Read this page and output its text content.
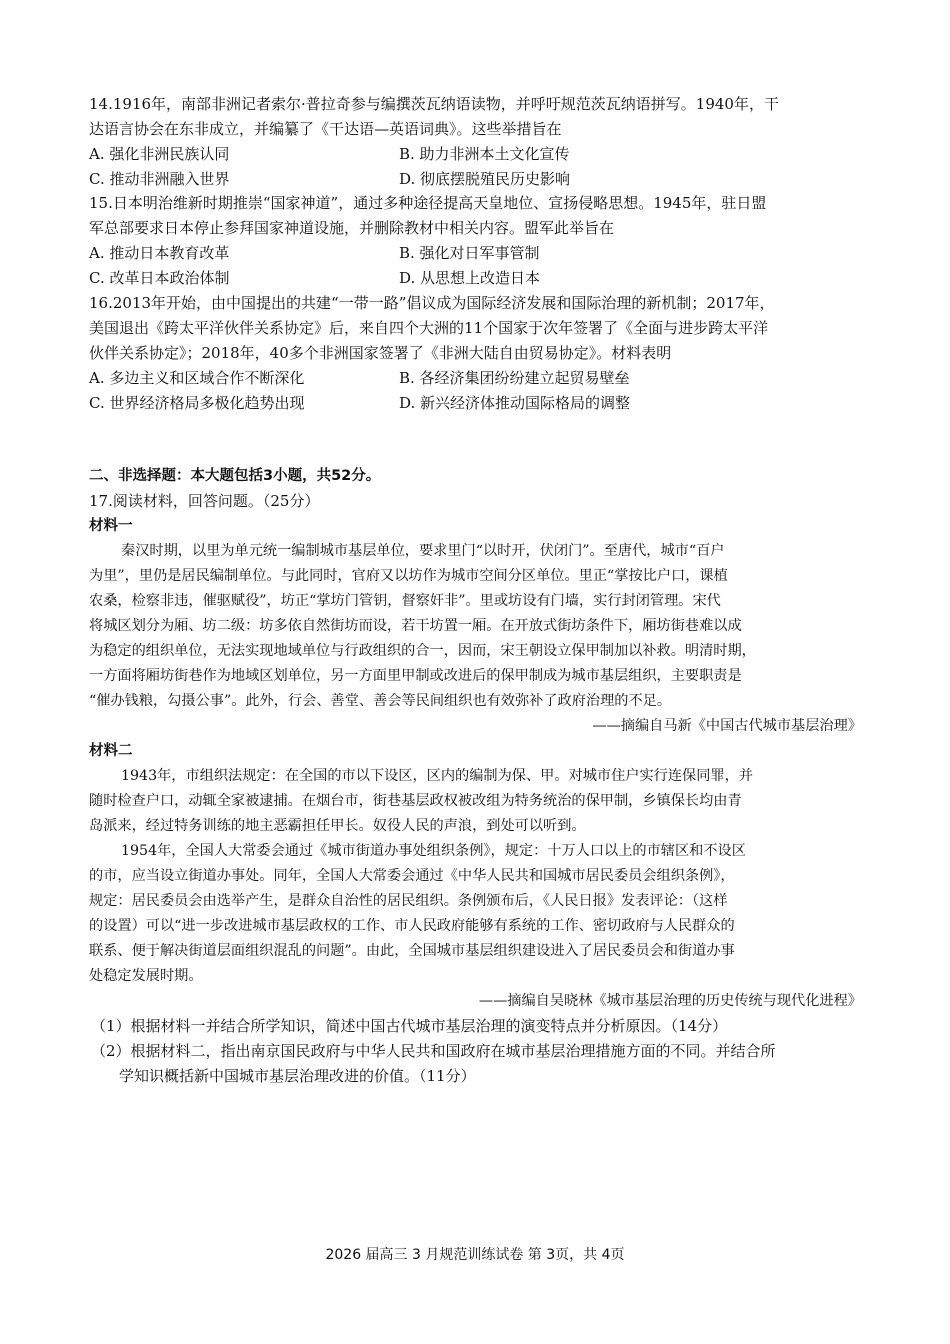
14.1916年，南部非洲记者索尔·普拉奇参与编撰茨瓦纳语读物，并呼吁规范茨瓦纳语拼写。1940年，干
达语言协会在东非成立，并编纂了《干达语—英语词典》。这些举措旨在
A. 强化非洲民族认同	B. 助力非洲本土文化宣传
C. 推动非洲融入世界	D. 彻底摆脱殖民历史影响
15.日本明治维新时期推崇“国家神道”，通过多种途径提高天皇地位、宣扬侵略思想。1945年，驻日盟
军总部要求日本停止参拜国家神道设施，并删除教材中相关内容。盟军此举旨在
A. 推动日本教育改革	B. 强化对日军事管制
C. 改革日本政治体制	D. 从思想上改造日本
16.2013年开始，由中国提出的共建“一带一路”倡议成为国际经济发展和国际治理的新机制；2017年，
美国退出《跨太平洋伙伴关系协定》后，来自四个大洲的11个国家于次年签署了《全面与进步跨太平洋
伙伴关系协定》；2018年，40多个非洲国家签署了《非洲大陆自由贸易协定》。材料表明
A. 多边主义和区域合作不断深化	B. 各经济集团纷纷建立起贸易壁垒
C. 世界经济格局多极化趋势出现	D. 新兴经济体推动国际格局的调整
二、非选择题：本大题包括3小题，共52分。
17.阅读材料，回答问题。（25分）
材料一
秦汉时期，以里为单元统一编制城市基层单位，要求里门“以时开，伏闭门”。至唐代，城市“百户
为里”，里仍是居民编制单位。与此同时，官府又以坊作为城市空间分区单位。里正“掌按比户口，课植
农桑，检察非违，催驱赋役”，坊正“掌坊门管钥，督察奸非”。里或坊设有门墙，实行封闭管理。宋代
将城区划分为厢、坊二级：坊多依自然街坊而设，若干坊置一厢。在开放式街坊条件下，厢坊街巷难以成
为稳定的组织单位，无法实现地域单位与行政组织的合一，因而，宋王朝设立保甲制加以补救。明清时期，
一方面将厢坊街巷作为地域区划单位，另一方面里甲制或改进后的保甲制成为城市基层组织，主要职责是
“催办钱粮，勾摄公事”。此外，行会、善堂、善会等民间组织也有效弥补了政府治理的不足。
——摘编自马新《中国古代城市基层治理》
材料二
1943年，市组织法规定：在全国的市以下设区，区内的编制为保、甲。对城市住户实行连保同罪，并
随时检查户口，动辄全家被逮捕。在烟台市，街巷基层政权被改组为特务统治的保甲制，乡镇保长均由青
岛派来，经过特务训练的地主恶霸担任甲长。奴役人民的声浪，到处可以听到。
1954年，全国人大常委会通过《城市街道办事处组织条例》，规定：十万人口以上的市辖区和不设区
的市，应当设立街道办事处。同年，全国人大常委会通过《中华人民共和国城市居民委员会组织条例》，
规定：居民委员会由选举产生，是群众自治性的居民组织。条例颁布后，《人民日报》发表评论：（这样
的设置）可以“进一步改进城市基层政权的工作、市人民政府能够有系统的工作、密切政府与人民群众的
联系、便于解决街道层面组织混乱的问题”。由此，全国城市基层组织建设进入了居民委员会和街道办事
处稳定发展时期。
——摘编自吴晓林《城市基层治理的历史传统与现代化进程》
（1）根据材料一并结合所学知识，简述中国古代城市基层治理的演变特点并分析原因。（14分）
（2）根据材料二，指出南京国民政府与中华人民共和国政府在城市基层治理措施方面的不同。并结合所
学知识概括新中国城市基层治理改进的价值。（11分）
2026 届高三 3 月规范训练试卷 第 3页，共 4页
